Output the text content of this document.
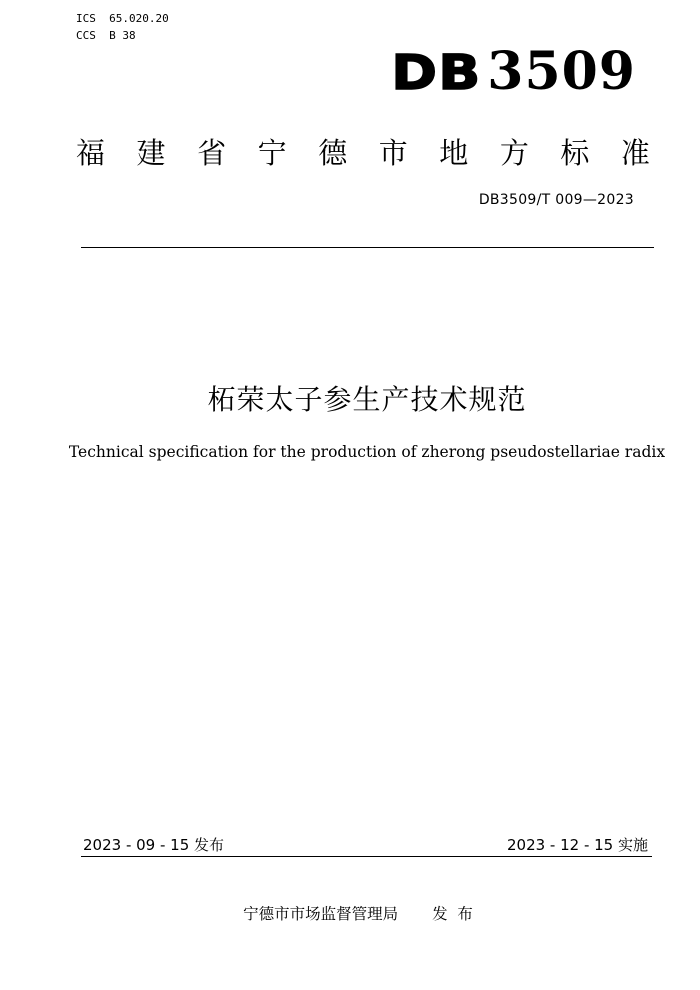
ICS  65.020.20
CCS  B 38
DB 3509
福 建 省 宁 德 市 地 方 标 准
DB3509/T 009—2023
柘荣太子参生产技术规范
Technical specification for the production of zherong pseudostellariae radix
2023 - 09 - 15 发布	2023 - 12 - 15 实施
宁德市市场监督管理局 发  布
